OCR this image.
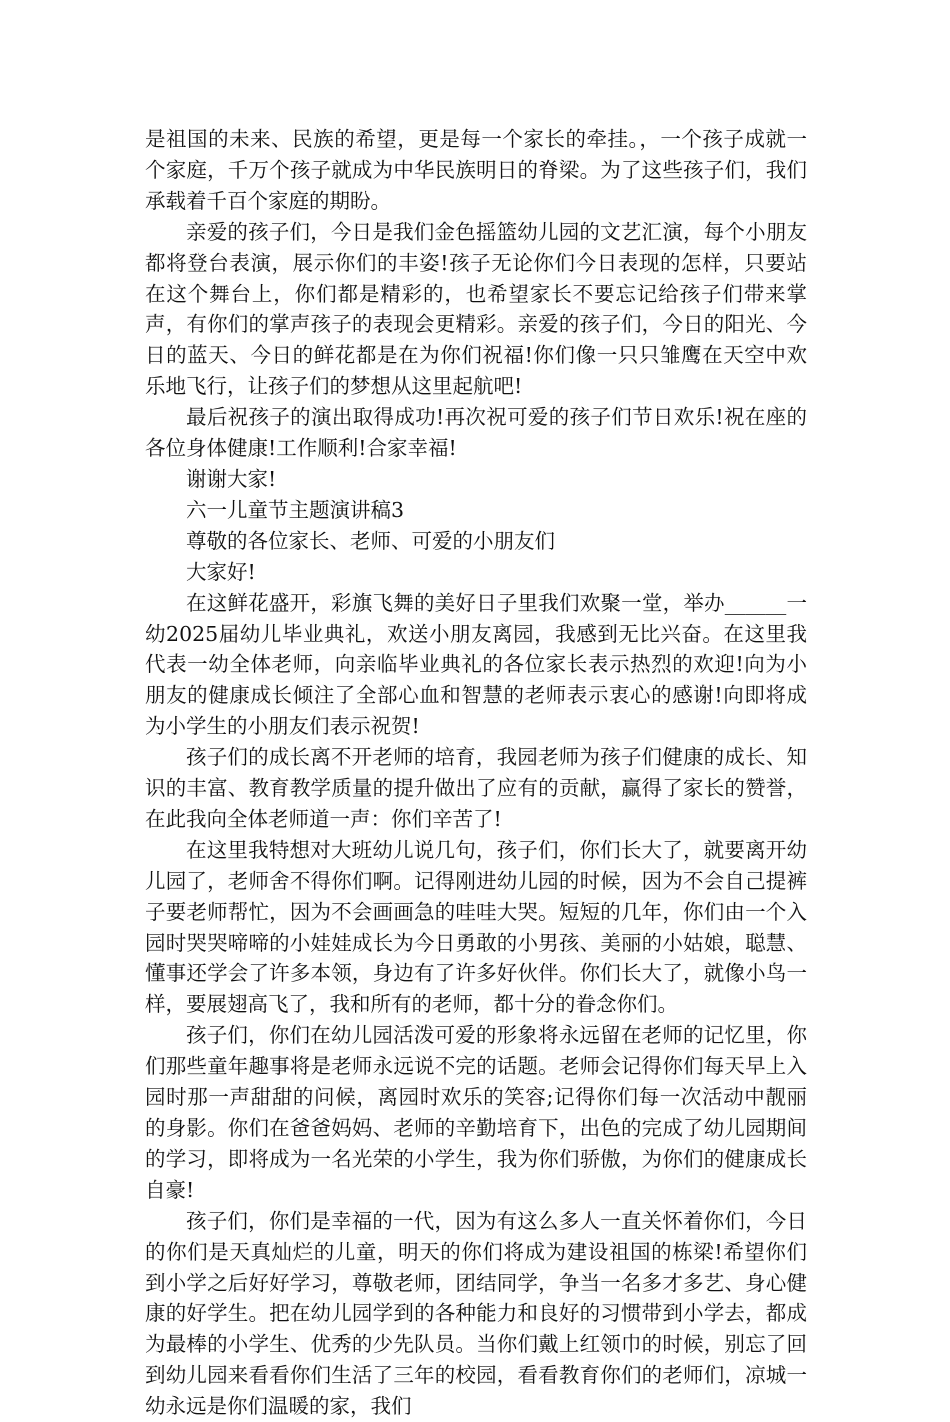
是祖国的未来、民族的希望，更是每一个家长的牵挂。，一个孩子成就一个家庭，千万个孩子就成为中华民族明日的脊梁。为了这些孩子们，我们承载着千百个家庭的期盼。

亲爱的孩子们，今日是我们金色摇篮幼儿园的文艺汇演，每个小朋友都将登台表演，展示你们的丰姿!孩子无论你们今日表现的怎样，只要站在这个舞台上，你们都是精彩的，也希望家长不要忘记给孩子们带来掌声，有你们的掌声孩子的表现会更精彩。亲爱的孩子们，今日的阳光、今日的蓝天、今日的鲜花都是在为你们祝福!你们像一只只雏鹰在天空中欢乐地飞行，让孩子们的梦想从这里起航吧!

最后祝孩子的演出取得成功!再次祝可爱的孩子们节日欢乐!祝在座的各位身体健康!工作顺利!合家幸福!

谢谢大家!

六一儿童节主题演讲稿3

尊敬的各位家长、老师、可爱的小朋友们

大家好!

在这鲜花盛开，彩旗飞舞的美好日子里我们欢聚一堂，举办______一幼2025届幼儿毕业典礼，欢送小朋友离园，我感到无比兴奋。在这里我代表一幼全体老师，向亲临毕业典礼的各位家长表示热烈的欢迎!向为小朋友的健康成长倾注了全部心血和智慧的老师表示衷心的感谢!向即将成为小学生的小朋友们表示祝贺!

孩子们的成长离不开老师的培育，我园老师为孩子们健康的成长、知识的丰富、教育教学质量的提升做出了应有的贡献，赢得了家长的赞誉，在此我向全体老师道一声：你们辛苦了!

在这里我特想对大班幼儿说几句，孩子们，你们长大了，就要离开幼儿园了，老师舍不得你们啊。记得刚进幼儿园的时候，因为不会自己提裤子要老师帮忙，因为不会画画急的哇哇大哭。短短的几年，你们由一个入园时哭哭啼啼的小娃娃成长为今日勇敢的小男孩、美丽的小姑娘，聪慧、懂事还学会了许多本领，身边有了许多好伙伴。你们长大了，就像小鸟一样，要展翅高飞了，我和所有的老师，都十分的眷念你们。

孩子们，你们在幼儿园活泼可爱的形象将永远留在老师的记忆里，你们那些童年趣事将是老师永远说不完的话题。老师会记得你们每天早上入园时那一声甜甜的问候，离园时欢乐的笑容;记得你们每一次活动中靓丽的身影。你们在爸爸妈妈、老师的辛勤培育下，出色的完成了幼儿园期间的学习，即将成为一名光荣的小学生，我为你们骄傲，为你们的健康成长自豪!

孩子们，你们是幸福的一代，因为有这么多人一直关怀着你们，今日的你们是天真灿烂的儿童，明天的你们将成为建设祖国的栋梁!希望你们到小学之后好好学习，尊敬老师，团结同学，争当一名多才多艺、身心健康的好学生。把在幼儿园学到的各种能力和良好的习惯带到小学去，都成为最棒的小学生、优秀的少先队员。当你们戴上红领巾的时候，别忘了回到幼儿园来看看你们生活了三年的校园，看看教育你们的老师们，凉城一幼永远是你们温暖的家，我们
